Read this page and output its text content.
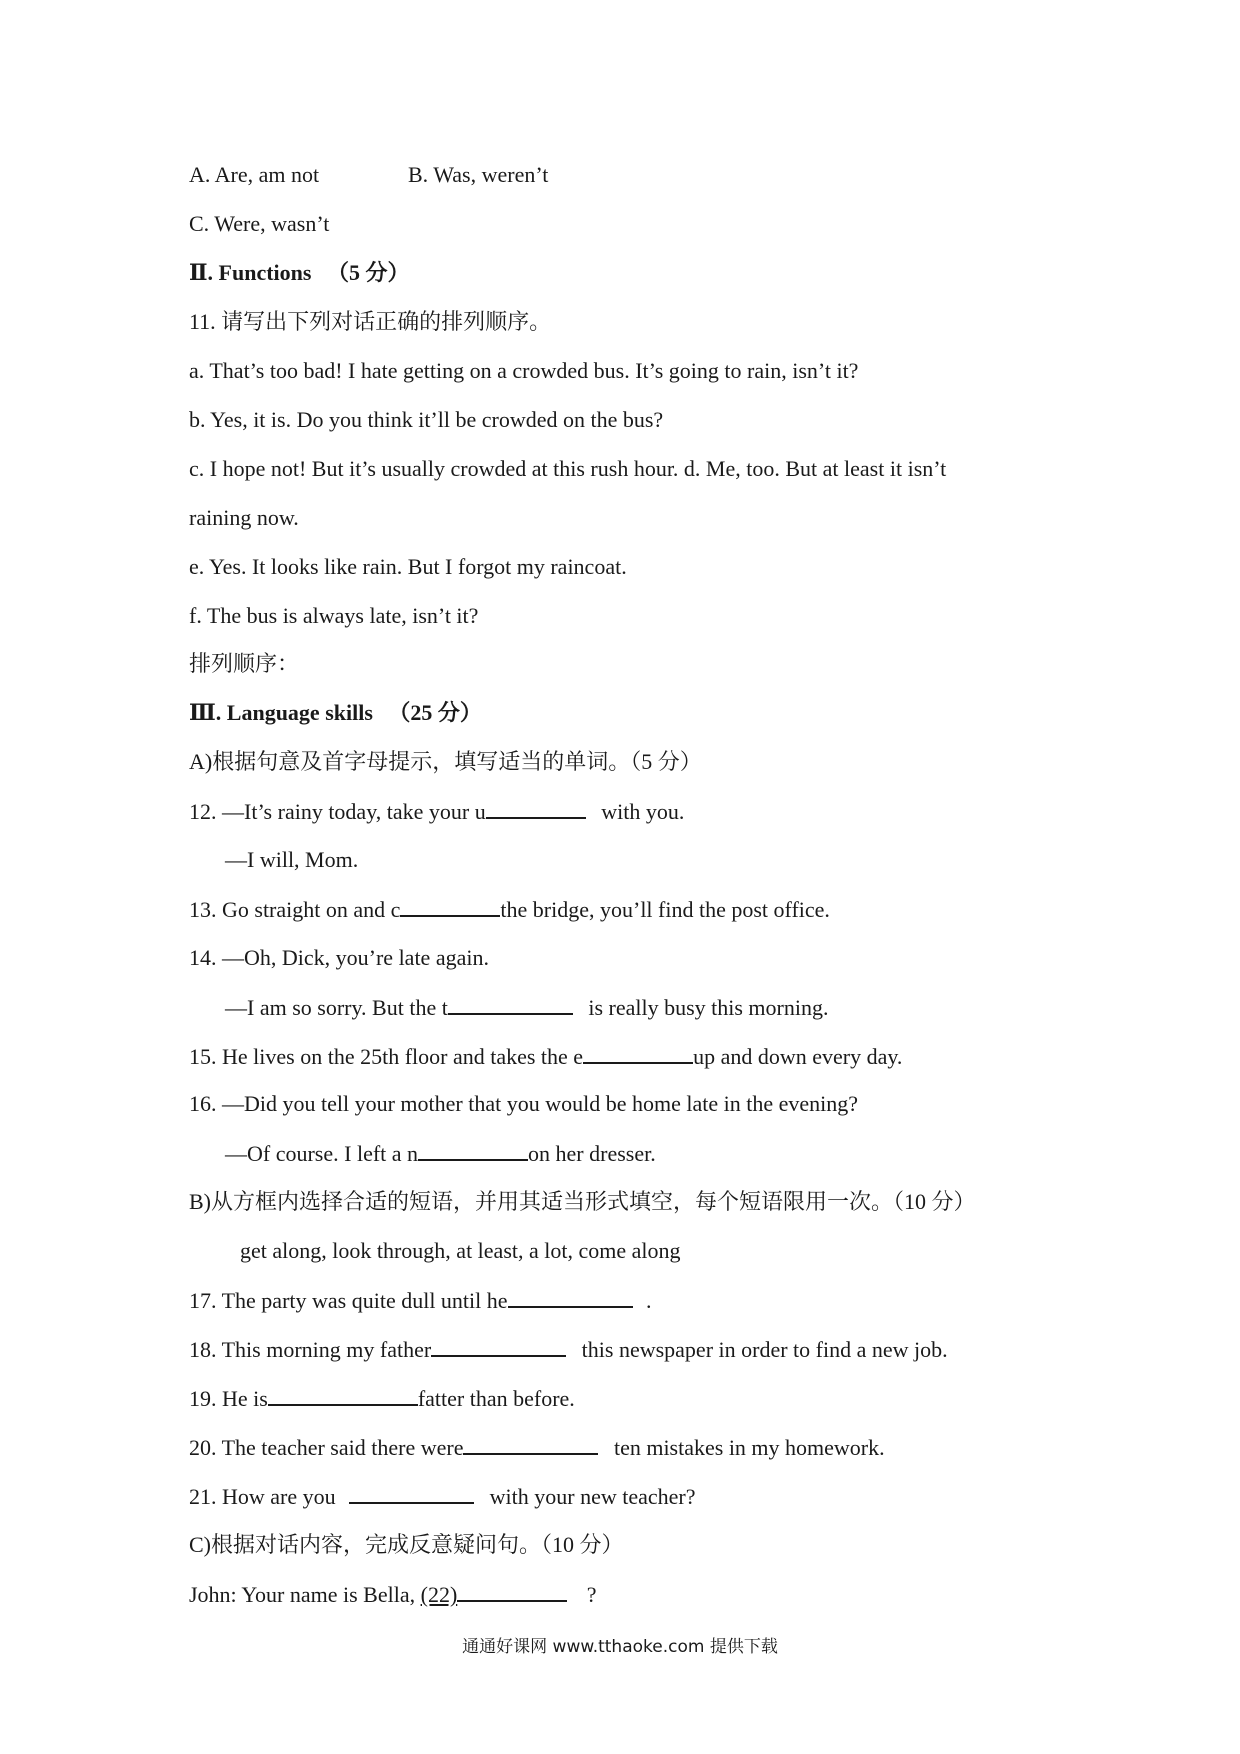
A. Are, am not	B. Was, weren’t
C. Were, wasn’t
Ⅱ. Functions （5 分）
11. 请写出下列对话正确的排列顺序。
a. That’s too bad! I hate getting on a crowded bus. It’s going to rain, isn’t it?
b. Yes, it is. Do you think it’ll be crowded on the bus?
c. I hope not! But it’s usually crowded at this rush hour. d. Me, too. But at least it isn’t
raining now.
e. Yes. It looks like rain. But I forgot my raincoat.
f. The bus is always late, isn’t it?
排列顺序：
Ⅲ. Language skills （25 分）
A)根据句意及首字母提示，填写适当的单词。（5 分）
12. —It’s rainy today, take your u	with you.
—I will, Mom.
13. Go straight on and c	the bridge, you’ll find the post office.
14. —Oh, Dick, you’re late again.
—I am so sorry. But the t	is really busy this morning.
15. He lives on the 25th floor and takes the e	up and down every day.
16. —Did you tell your mother that you would be home late in the evening?
—Of course. I left a n	on her dresser.
B)从方框内选择合适的短语，并用其适当形式填空，每个短语限用一次。（10 分）
get along, look through, at least, a lot, come along
17. The party was quite dull until he	.
18. This morning my father	this newspaper in order to find a new job.
19. He is	fatter than before.
20. The teacher said there were	ten mistakes in my homework.
21. How are you	with your new teacher?
C)根据对话内容，完成反意疑问句。（10 分）
John: Your name is Bella, (22)	?
通通好课网 www.tthaoke.com 提供下载
